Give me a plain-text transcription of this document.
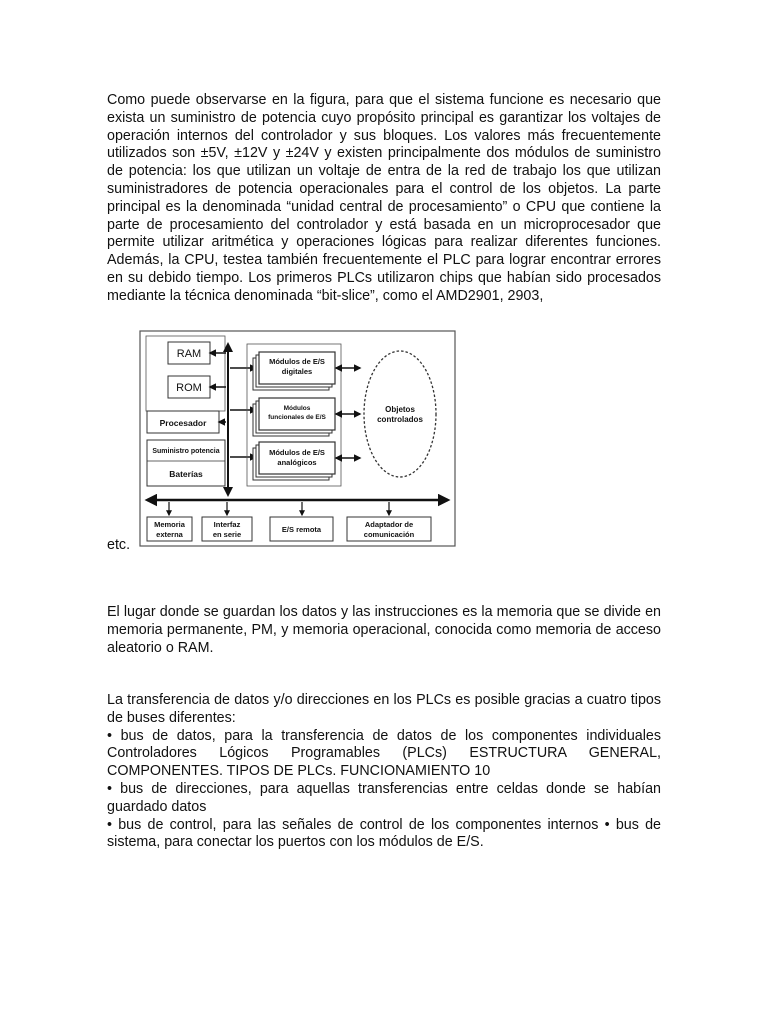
Como puede observarse en la figura, para que el sistema funcione es necesario que exista un suministro de potencia cuyo propósito principal es garantizar los voltajes de operación internos del controlador y sus bloques. Los valores más frecuentemente utilizados son ±5V, ±12V y ±24V y existen principalmente dos módulos de suministro de potencia: los que utilizan un voltaje de entra de la red de trabajo los que utilizan suministradores de potencia operacionales para el control de los objetos. La parte principal es la denominada “unidad central de procesamiento” o CPU que contiene la parte de procesamiento del controlador y está basada en un microprocesador que permite utilizar aritmética y operaciones lógicas para realizar diferentes funciones. Además, la CPU, testea también frecuentemente el PLC para lograr encontrar errores en su debido tiempo. Los primeros PLCs utilizaron chips que habían sido procesados mediante la técnica denominada “bit-slice”, como el AMD2901, 2903,

RAM
ROM
Procesador
Suministro potencia
Baterías
Módulos de E/S
digitales
Módulos
funcionales de E/S
Módulos de E/S
analógicos
Objetos
controlados
Memoria
externa
Interfaz
en serie
E/S remota
Adaptador de
comunicación

etc.

El lugar donde se guardan los datos y las instrucciones es la memoria que se divide en memoria permanente, PM, y memoria operacional, conocida como memoria de acceso aleatorio o RAM.

La transferencia de datos y/o direcciones en los PLCs es posible gracias a cuatro tipos de buses diferentes:
• bus de datos, para la transferencia de datos de los componentes individuales Controladores Lógicos Programables (PLCs) ESTRUCTURA GENERAL, COMPONENTES. TIPOS DE PLCs. FUNCIONAMIENTO 10
• bus de direcciones, para aquellas transferencias entre celdas donde se habían guardado datos
• bus de control, para las señales de control de los componentes internos • bus de sistema, para conectar los puertos con los módulos de E/S.
